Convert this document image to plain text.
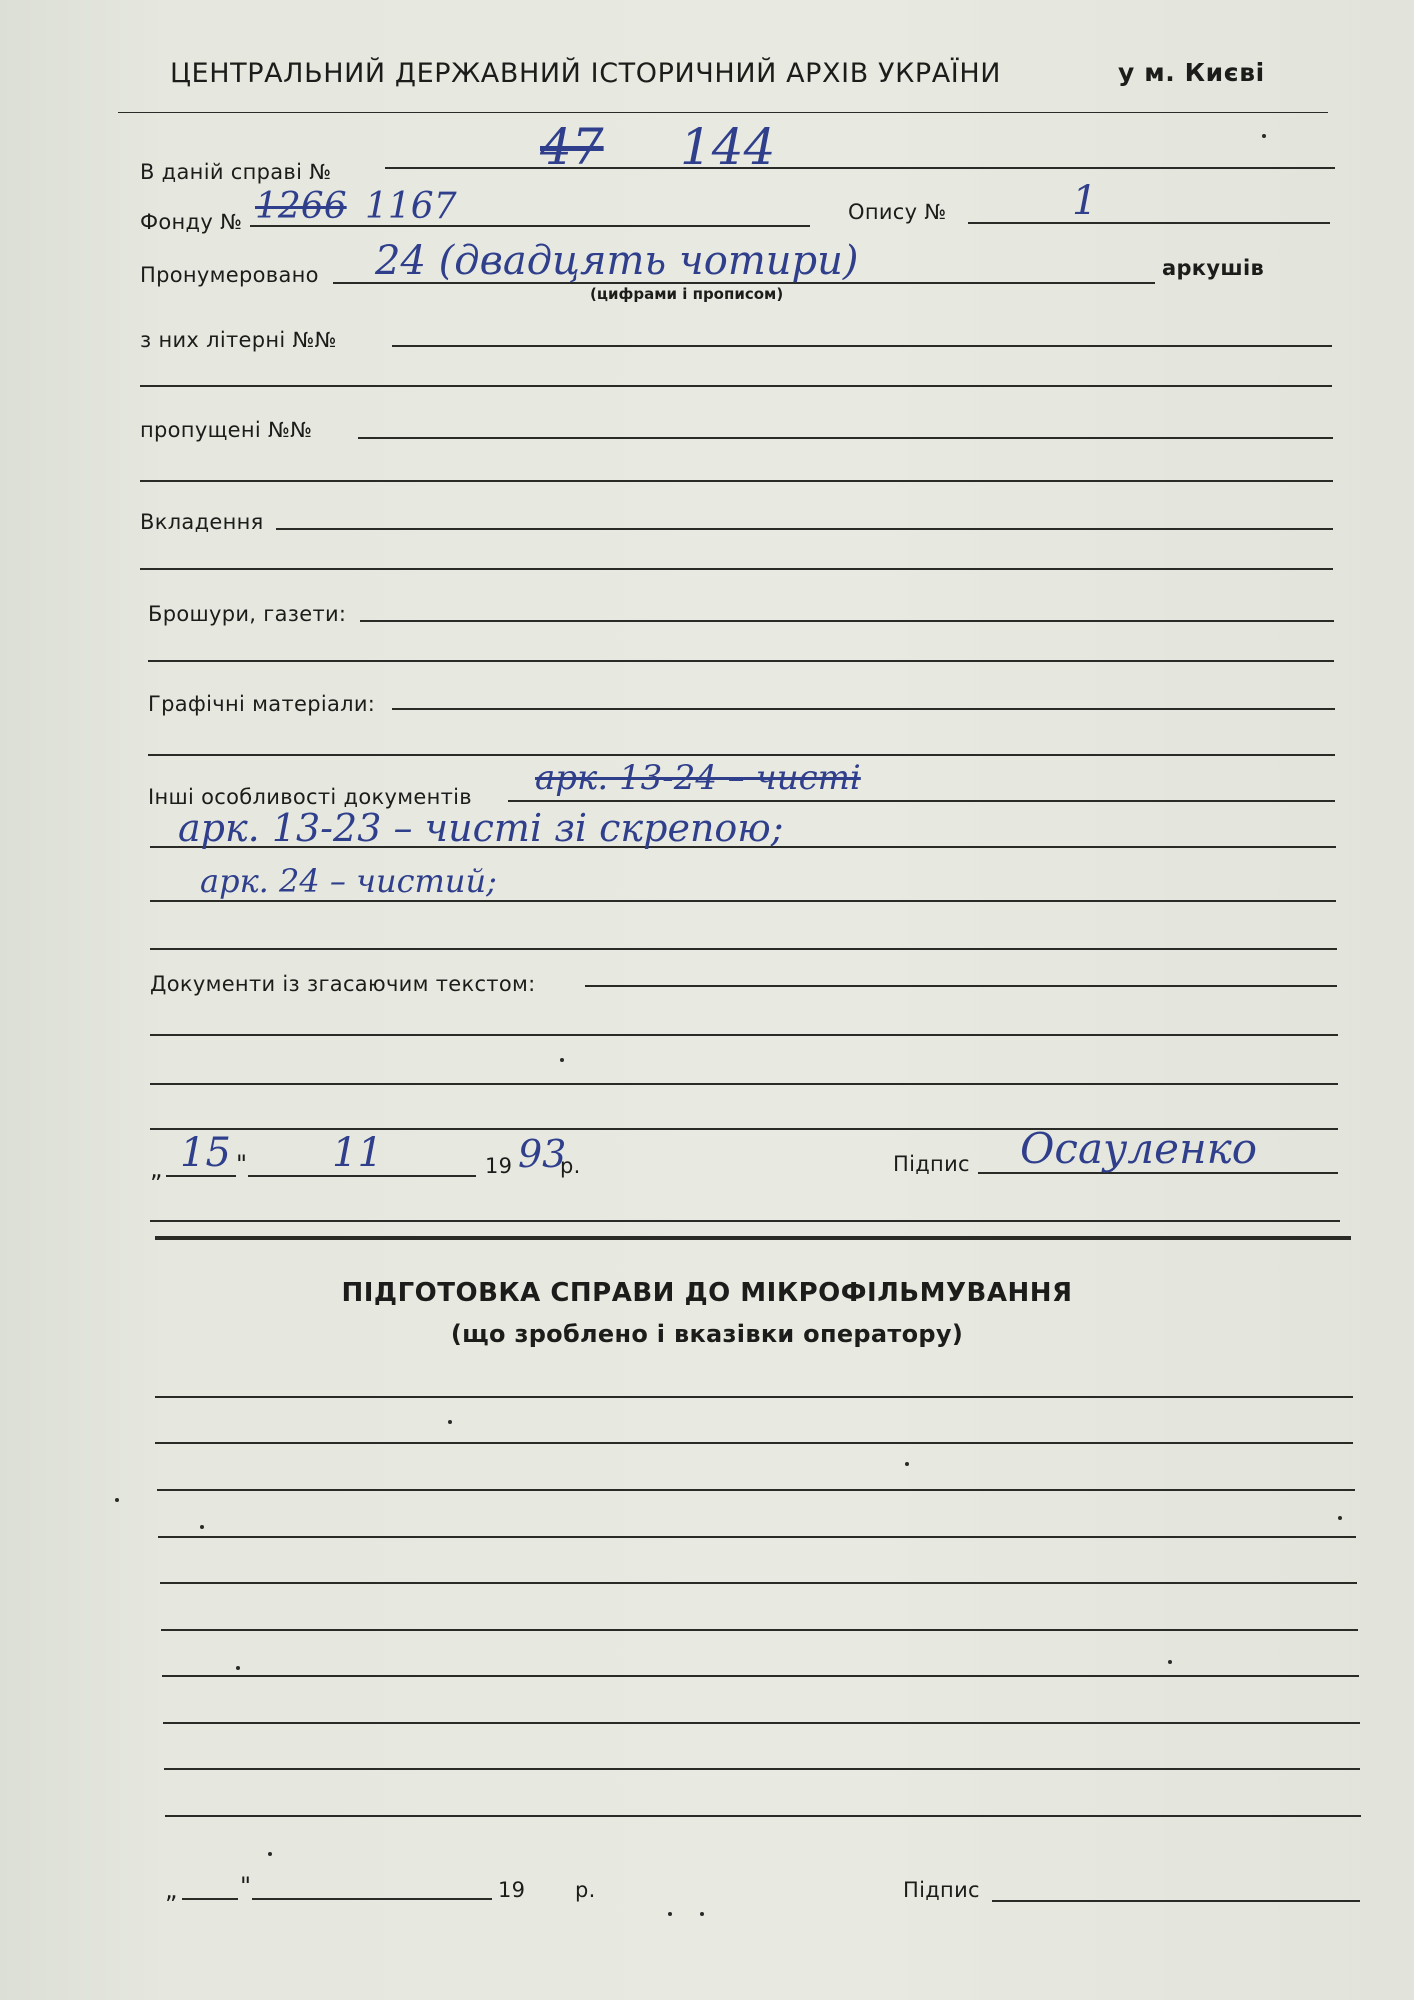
ЦЕНТРАЛЬНИЙ ДЕРЖАВНИЙ ІСТОРИЧНИЙ АРХІВ УКРАЇНИ	у м. Києві
В даній справі №	47 144
Фонду № 1266 1167	Опису №	1
Пронумеровано 24 (двадцять чотири)
(цифрами і прописом)
аркушів
з них літерні №№
пропущені №№
Вкладення
Брошури, газети:
Графічні матеріали:
Інші особливості документів арк. 13-24 – чисті
арк. 13-23 – чисті зі скрепою;
арк. 24 – чистий;
Документи із згасаючим текстом:
„ 15 " 11	19 93
р.	Підпис Осауленко
ПІДГОТОВКА СПРАВИ ДО МІКРОФІЛЬМУВАННЯ
(що зроблено і вказівки оператору)
„	"	19 р.	Підпис
